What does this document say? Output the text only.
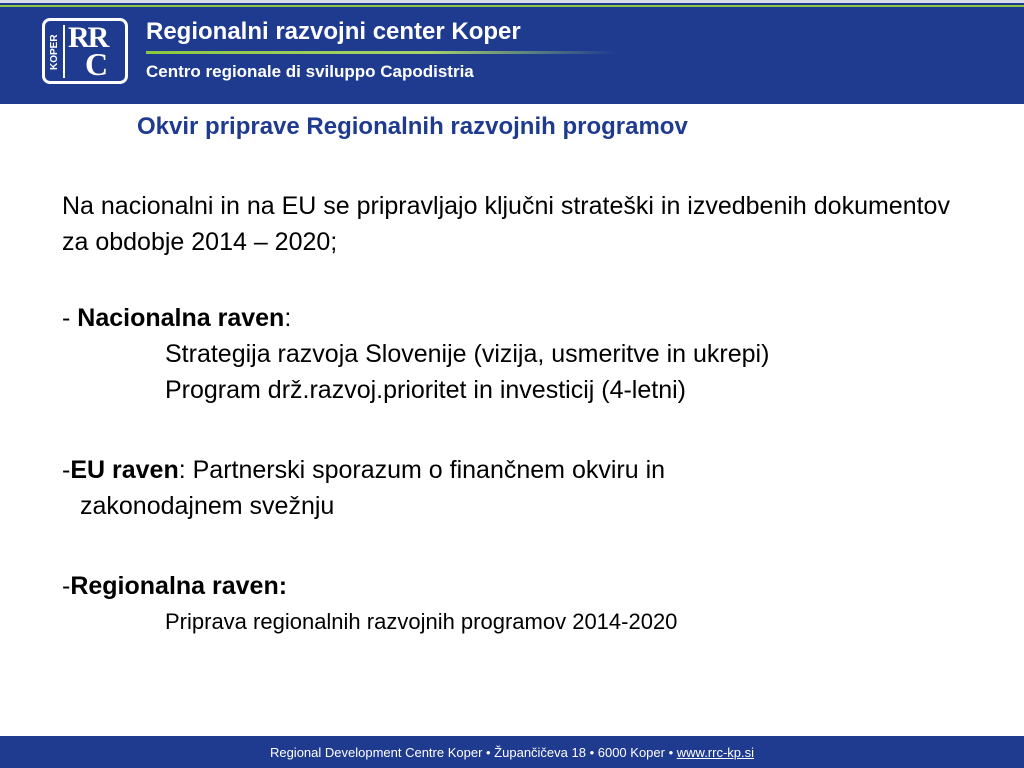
KOPER RR
C
Regionalni razvojni center Koper
Centro regionale di sviluppo Capodistria
Okvir priprave Regionalnih razvojnih programov

Na nacionalni in na EU se pripravljajo ključni strateški in izvedbenih dokumentov za obdobje 2014 – 2020;

- Nacionalna raven:

Strategija razvoja Slovenije (vizija, usmeritve in ukrepi)

Program drž.razvoj.prioritet in investicij (4-letni)

-EU raven: Partnerski sporazum o finančnem okviru in

zakonodajnem svežnju

-Regionalna raven:

Priprava regionalnih razvojnih programov 2014-2020

Regional Development Centre Koper • Župančičeva 18 • 6000 Koper • www.rrc-kp.si
